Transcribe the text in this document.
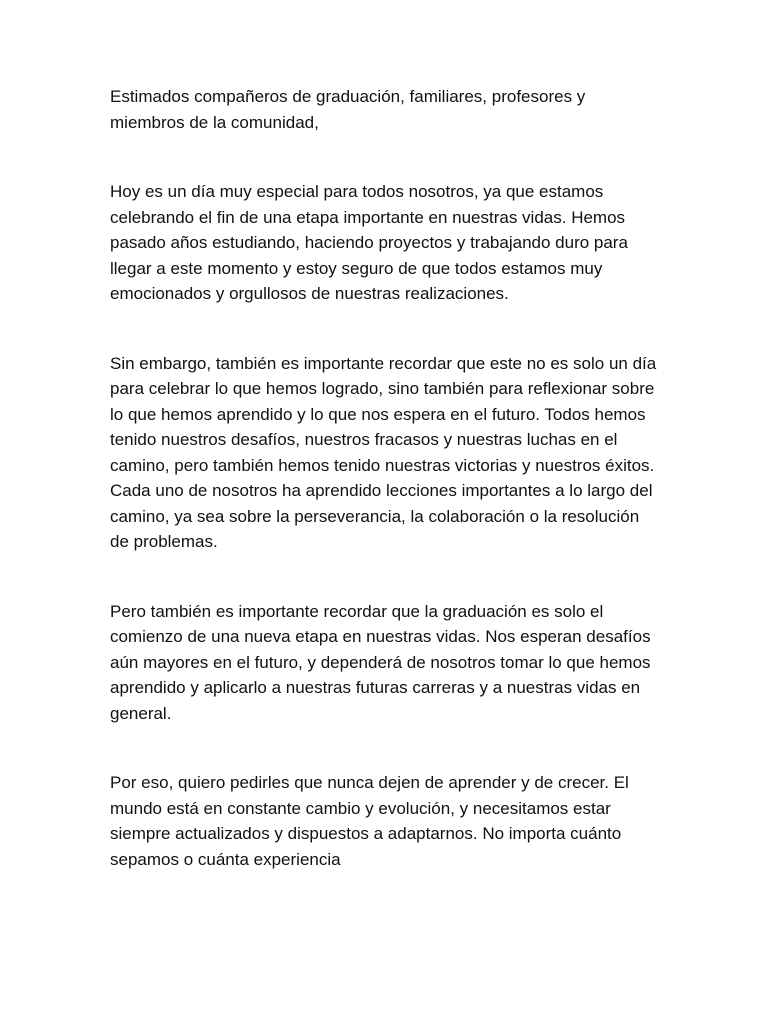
Estimados compañeros de graduación, familiares, profesores y miembros de la comunidad,

Hoy es un día muy especial para todos nosotros, ya que estamos celebrando el fin de una etapa importante en nuestras vidas. Hemos pasado años estudiando, haciendo proyectos y trabajando duro para llegar a este momento y estoy seguro de que todos estamos muy emocionados y orgullosos de nuestras realizaciones.

Sin embargo, también es importante recordar que este no es solo un día para celebrar lo que hemos logrado, sino también para reflexionar sobre lo que hemos aprendido y lo que nos espera en el futuro. Todos hemos tenido nuestros desafíos, nuestros fracasos y nuestras luchas en el camino, pero también hemos tenido nuestras victorias y nuestros éxitos. Cada uno de nosotros ha aprendido lecciones importantes a lo largo del camino, ya sea sobre la perseverancia, la colaboración o la resolución de problemas.

Pero también es importante recordar que la graduación es solo el comienzo de una nueva etapa en nuestras vidas. Nos esperan desafíos aún mayores en el futuro, y dependerá de nosotros tomar lo que hemos aprendido y aplicarlo a nuestras futuras carreras y a nuestras vidas en general.

Por eso, quiero pedirles que nunca dejen de aprender y de crecer. El mundo está en constante cambio y evolución, y necesitamos estar siempre actualizados y dispuestos a adaptarnos. No importa cuánto sepamos o cuánta experiencia
